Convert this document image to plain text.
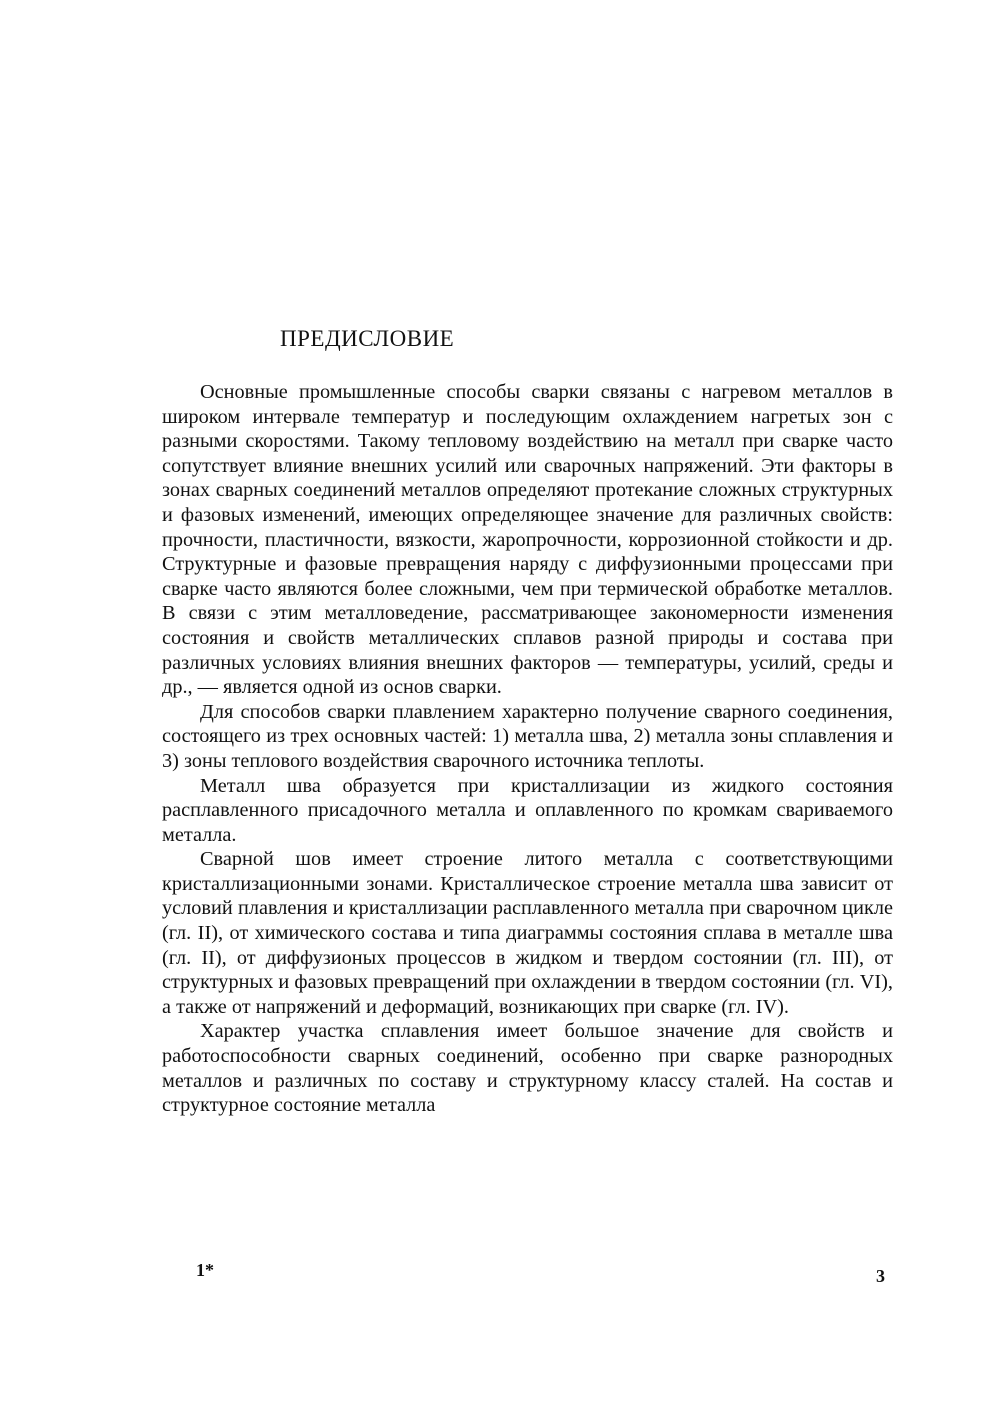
ПРЕДИСЛОВИЕ

Основные промышленные способы сварки связаны с нагревом металлов в широком интервале температур и последующим охлаждением нагретых зон с разными скоростями. Такому тепловому воздействию на металл при сварке часто сопутствует влияние внешних усилий или сварочных напряжений. Эти факторы в зонах сварных соединений металлов определяют протекание сложных структурных и фазовых изменений, имеющих определяющее значение для различных свойств: прочности, пластичности, вязкости, жаропрочности, коррозионной стойкости и др. Структурные и фазовые превращения наряду с диффузионными процессами при сварке часто являются более сложными, чем при термической обработке металлов. В связи с этим металловедение, рассматривающее закономерности изменения состояния и свойств металлических сплавов разной природы и состава при различных условиях влияния внешних факторов — температуры, усилий, среды и др., — является одной из основ сварки.

Для способов сварки плавлением характерно получение сварного соединения, состоящего из трех основных частей: 1) металла шва, 2) металла зоны сплавления и 3) зоны теплового воздействия сварочного источника теплоты.

Металл шва образуется при кристаллизации из жидкого состояния расплавленного присадочного металла и оплавленного по кромкам свариваемого металла.

Сварной шов имеет строение литого металла с соответствующими кристаллизационными зонами. Кристаллическое строение металла шва зависит от условий плавления и кристаллизации расплавленного металла при сварочном цикле (гл. II), от химического состава и типа диаграммы состояния сплава в металле шва (гл. II), от диффузионых процессов в жидком и твердом состоянии (гл. III), от структурных и фазовых превращений при охлаждении в твердом состоянии (гл. VI), а также от напряжений и деформаций, возникающих при сварке (гл. IV).

Характер участка сплавления имеет большое значение для свойств и работоспособности сварных соединений, особенно при сварке разнородных металлов и различных по составу и структурному классу сталей. На состав и структурное состояние металла

1*	3
